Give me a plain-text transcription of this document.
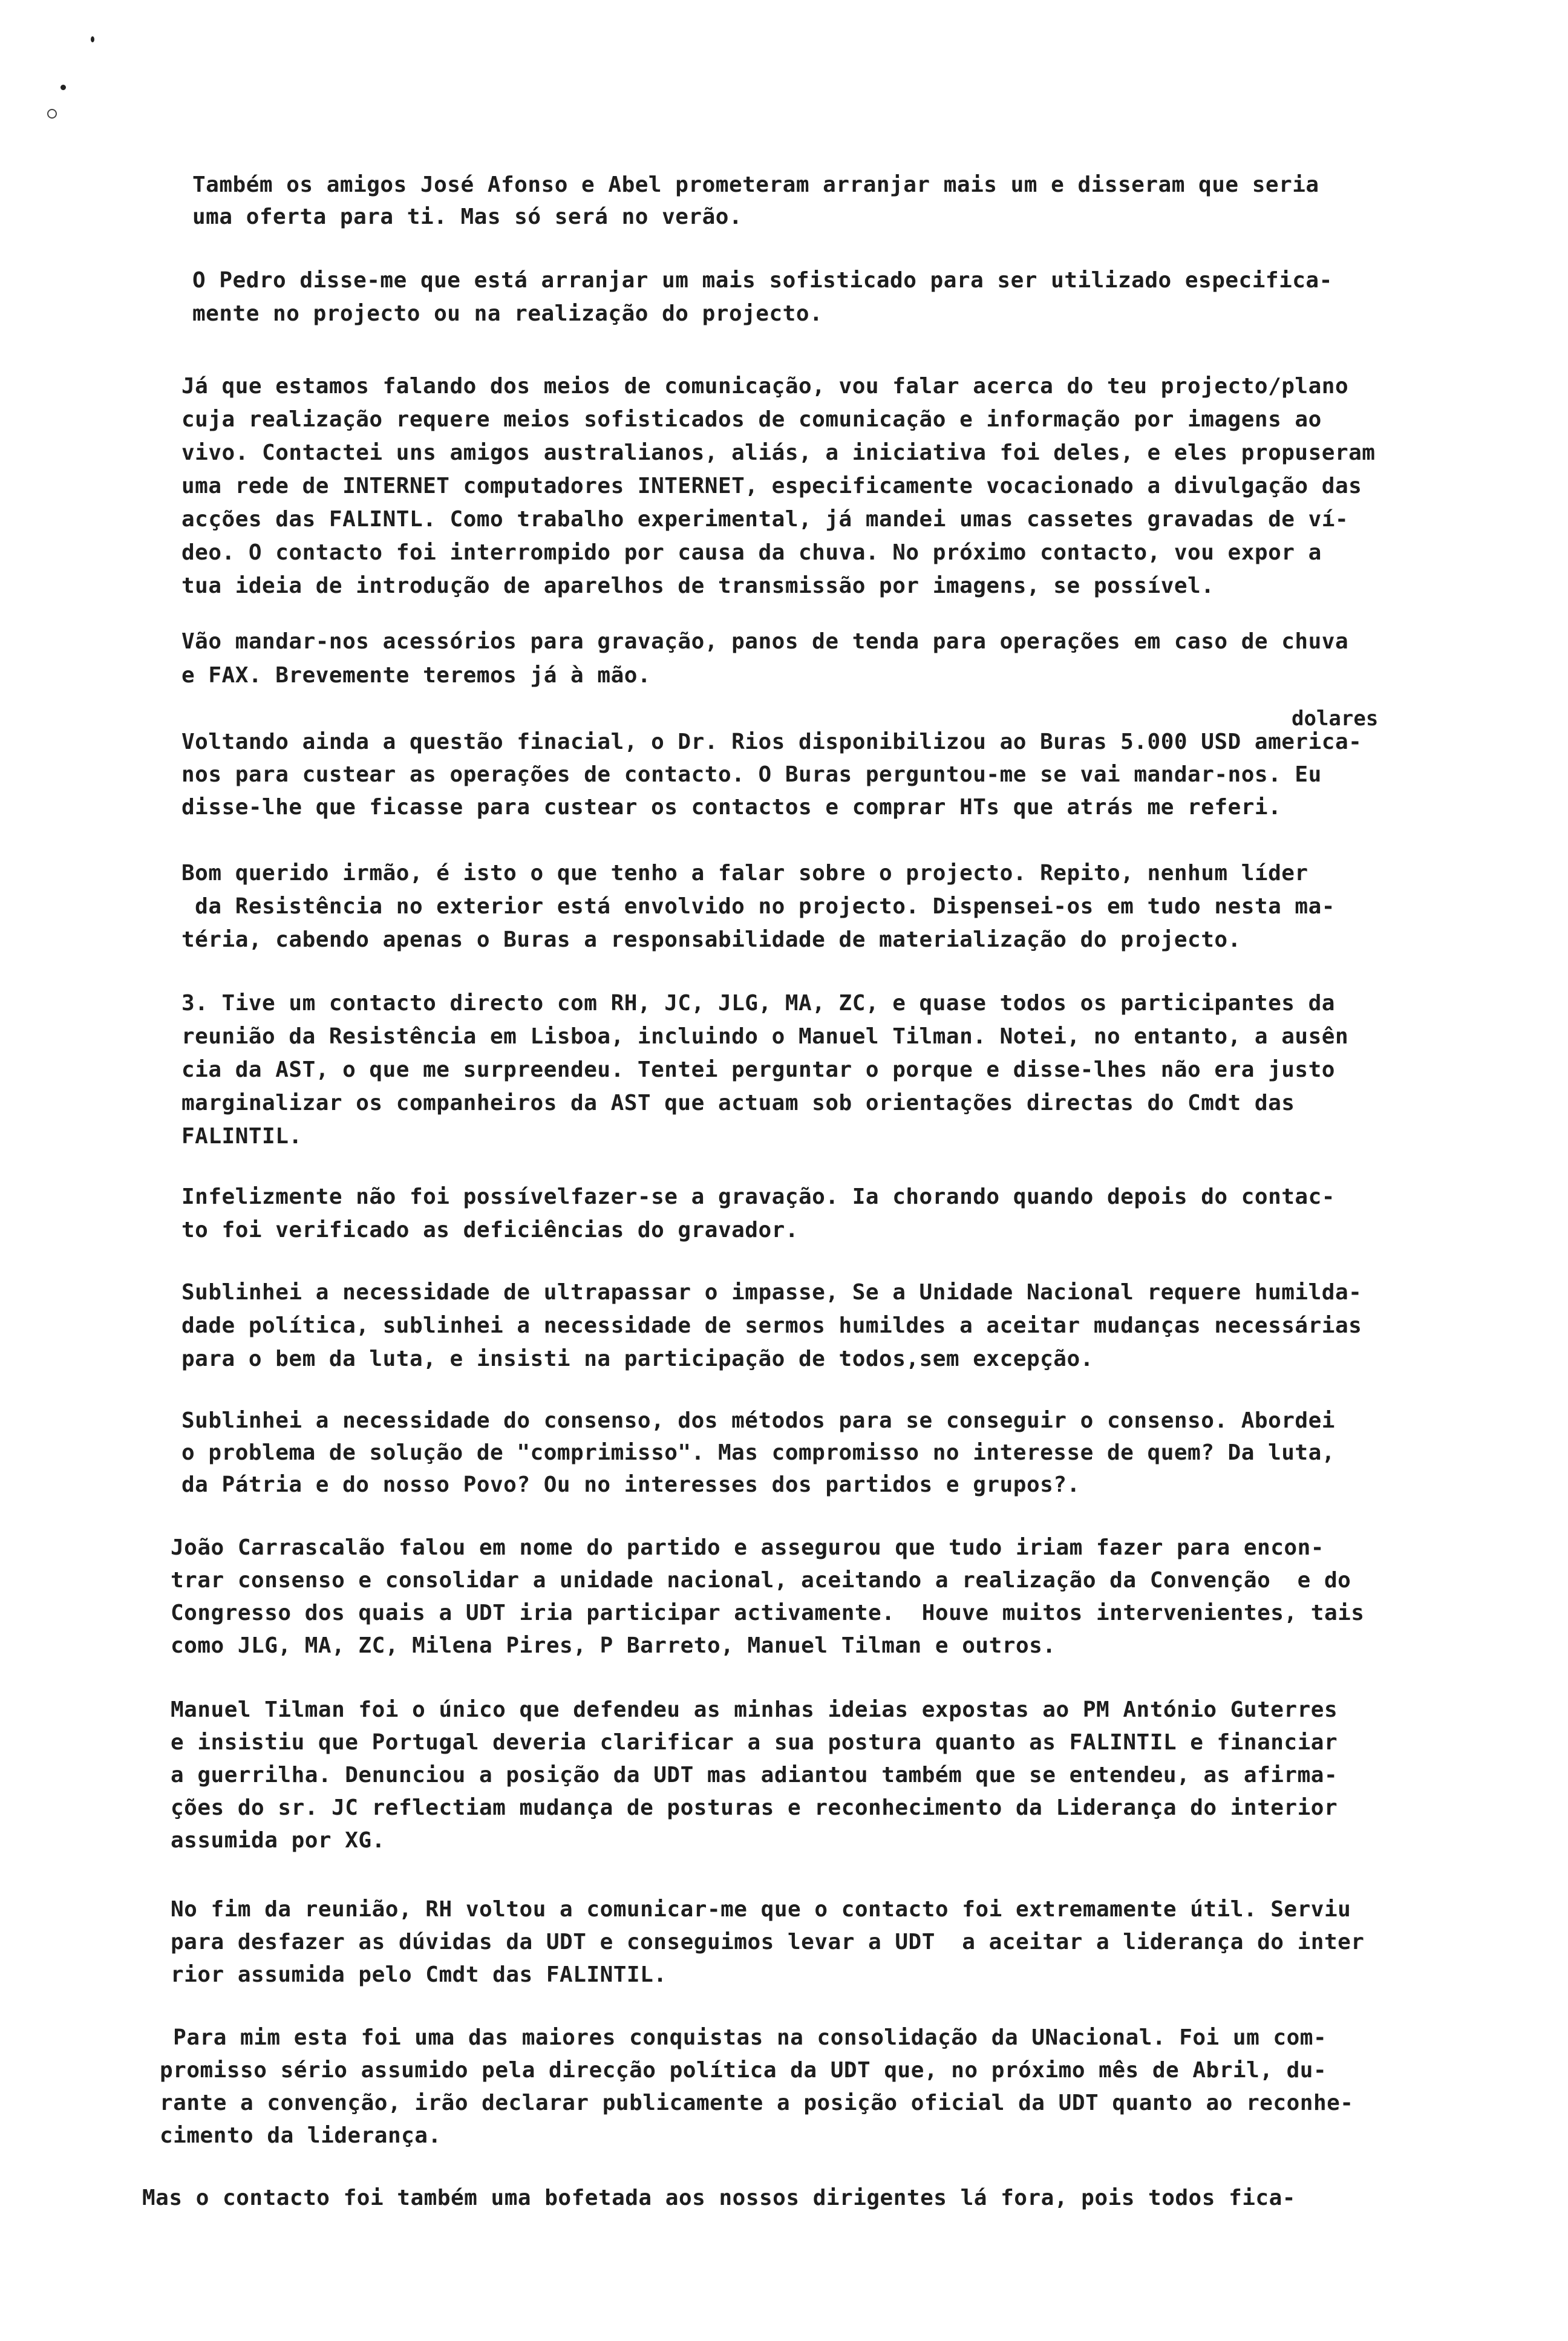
dolares
Também os amigos José Afonso e Abel prometeram arranjar mais um e disseram que seria
uma oferta para ti. Mas só será no verão.
O Pedro disse-me que está arranjar um mais sofisticado para ser utilizado especifica-
mente no projecto ou na realização do projecto.
Já que estamos falando dos meios de comunicação, vou falar acerca do teu projecto/plano
cuja realização requere meios sofisticados de comunicação e informação por imagens ao
vivo. Contactei uns amigos australianos, aliás, a iniciativa foi deles, e eles propuseram
uma rede de INTERNET computadores INTERNET, especificamente vocacionado a divulgação das
acções das FALINTL. Como trabalho experimental, já mandei umas cassetes gravadas de ví-
deo. O contacto foi interrompido por causa da chuva. No próximo contacto, vou expor a
tua ideia de introdução de aparelhos de transmissão por imagens, se possível.
Vão mandar-nos acessórios para gravação, panos de tenda para operações em caso de chuva
e FAX. Brevemente teremos já à mão.
Voltando ainda a questão finacial, o Dr. Rios disponibilizou ao Buras 5.000 USD america-
nos para custear as operações de contacto. O Buras perguntou-me se vai mandar-nos. Eu
disse-lhe que ficasse para custear os contactos e comprar HTs que atrás me referi.
Bom querido irmão, é isto o que tenho a falar sobre o projecto. Repito, nenhum líder
da Resistência no exterior está envolvido no projecto. Dispensei-os em tudo nesta ma-
téria, cabendo apenas o Buras a responsabilidade de materialização do projecto.
3. Tive um contacto directo com RH, JC, JLG, MA, ZC, e quase todos os participantes da
reunião da Resistência em Lisboa, incluindo o Manuel Tilman. Notei, no entanto, a ausên
cia da AST, o que me surpreendeu. Tentei perguntar o porque e disse-lhes não era justo
marginalizar os companheiros da AST que actuam sob orientações directas do Cmdt das
FALINTIL.
Infelizmente não foi possívelfazer-se a gravação. Ia chorando quando depois do contac-
to foi verificado as deficiências do gravador.
Sublinhei a necessidade de ultrapassar o impasse, Se a Unidade Nacional requere humilda-
dade política, sublinhei a necessidade de sermos humildes a aceitar mudanças necessárias
para o bem da luta, e insisti na participação de todos,sem excepção.
Sublinhei a necessidade do consenso, dos métodos para se conseguir o consenso. Abordei
o problema de solução de "comprimisso". Mas compromisso no interesse de quem? Da luta,
da Pátria e do nosso Povo? Ou no interesses dos partidos e grupos?.
João Carrascalão falou em nome do partido e assegurou que tudo iriam fazer para encon-
trar consenso e consolidar a unidade nacional, aceitando a realização da Convenção  e do
Congresso dos quais a UDT iria participar activamente.  Houve muitos intervenientes, tais
como JLG, MA, ZC, Milena Pires, P Barreto, Manuel Tilman e outros.
Manuel Tilman foi o único que defendeu as minhas ideias expostas ao PM António Guterres
e insistiu que Portugal deveria clarificar a sua postura quanto as FALINTIL e financiar
a guerrilha. Denunciou a posição da UDT mas adiantou também que se entendeu, as afirma-
ções do sr. JC reflectiam mudança de posturas e reconhecimento da Liderança do interior
assumida por XG.
No fim da reunião, RH voltou a comunicar-me que o contacto foi extremamente útil. Serviu
para desfazer as dúvidas da UDT e conseguimos levar a UDT  a aceitar a liderança do inter
rior assumida pelo Cmdt das FALINTIL.
Para mim esta foi uma das maiores conquistas na consolidação da UNacional. Foi um com-
promisso sério assumido pela direcção política da UDT que, no próximo mês de Abril, du-
rante a convenção, irão declarar publicamente a posição oficial da UDT quanto ao reconhe-
cimento da liderança.
Mas o contacto foi também uma bofetada aos nossos dirigentes lá fora, pois todos fica-
